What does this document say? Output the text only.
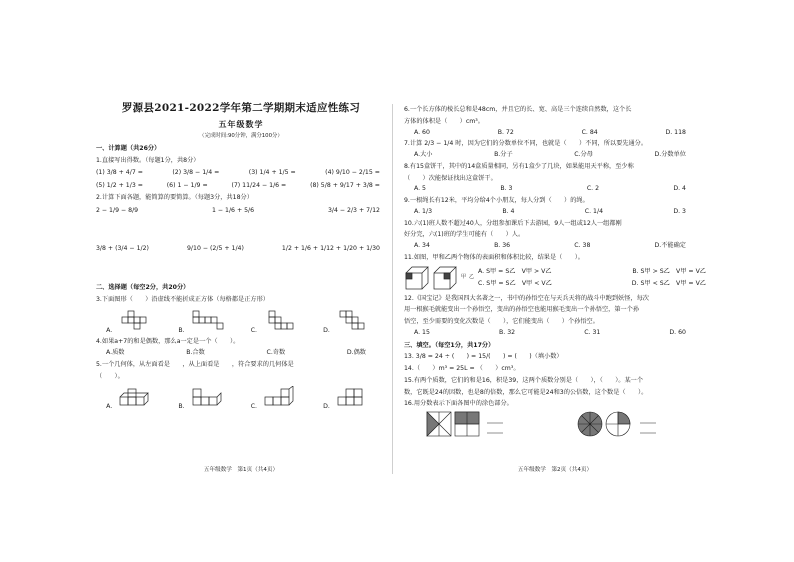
罗源县2021-2022学年第二学期期末适应性练习
五年级数学
（完成时间:90分钟，满分100分）
一、计算题（共26分）
1.直接写出得数。（每题1分，共8分）
(1) 3/8 + 4/7 =	(2) 3/8 − 1/4 =	(3) 1/4 + 1/5 =	(4) 9/10 − 2/15 =
(5) 1/2 + 1/3 =	(6) 1 − 1/9 =	(7) 11/24 − 1/6 =	(8) 5/8 + 9/17 + 3/8 =
2.计算下面各题，能简算的要简算。（每题3分，共18分）
2 − 1/9 − 8/9	1 − 1/6 + 5/6	3/4 − 2/3 + 7/12
3/8 + (3/4 − 1/2)	9/10 − (2/5 + 1/4)	1/2 + 1/6 + 1/12 + 1/20 + 1/30
二、选择题（每空2分，共20分）
3.下面图形（　　）沿虚线不能折成正方体（每格都是正方形）
A.	B.	C.	D.
4.如果a+7的和是偶数，那么a一定是一个（　　）。
A.质数	B.合数	C.奇数	D.偶数
5.一个几何体，从左面看是　　，从上面看是　　，符合要求的几何体是
（　　）。
A.	B.	C.	D.
五年级数学　第1页（共4页）
6.一个长方体的棱长总和是48cm，并且它的长、宽、高是三个连续自然数，这个长
方体的体积是（　　）cm³。
A. 60	B. 72	C. 84	D. 118
7.计算 2/3 − 1/4 时，因为它们的分数单位不同，也就是（　　）不同，所以要先通分。
A.大小	B.分子	C.分母	D.分数单位
8.有15盒饼干，其中的14盒质量相同，另有1盒少了几块，如果能用天平称，至少称
（　　）次能保证找出这盒饼干。
A. 5	B. 3	C. 2	D. 4
9.一根绳长有12米，平均分给4个小朋友，每人分到（　　）的绳。
A. 1/3	B. 4	C. 1/4	D. 3
10.六(1)班人数不超过40人，分组参加课后下去游园，9人一组或12人一组都刚
好分完，六(1)班的学生可能有（　　）人。
A. 34	B. 36	C. 38	D.不能确定
11.如图，甲和乙两个物体的表面积和体积比较，结果是（　　）。
甲 乙
A. S甲 = S乙　V甲 > V乙	B. S甲 > S乙　V甲 = V乙
C. S甲 = S乙　V甲 < V乙	D. S甲 < S乙　V甲 = V乙
12.《国宝记》是我国四大名著之一，书中的孙悟空在与天兵天将的战斗中跑到妖怪，每次
用一根猴毛就能变出一个孙悟空，变出的孙悟空也能用猴毛变出一个孙悟空，第一个孙
悟空，至少需要的变化次数是（　　），它们能变出（　　）个孙悟空。
A. 15	B. 32	C. 31	D. 60
三、填空。（每空1分，共17分）
13. 3/8 = 24 ÷ (　　) = 15/(　　) = (　　)（填小数）
14.（　　）m³ = 25L = （　　）cm³。
15.有两个质数，它们的和是16，积是39，这两个质数分别是（　　），（　　）。某一个
数，它既是24的因数，也是8的倍数，那么它可能是24和3的公倍数，这个数是（　　）。
16.用分数表示下面各图中的涂色部分。
五年级数学　第2页（共4页）
